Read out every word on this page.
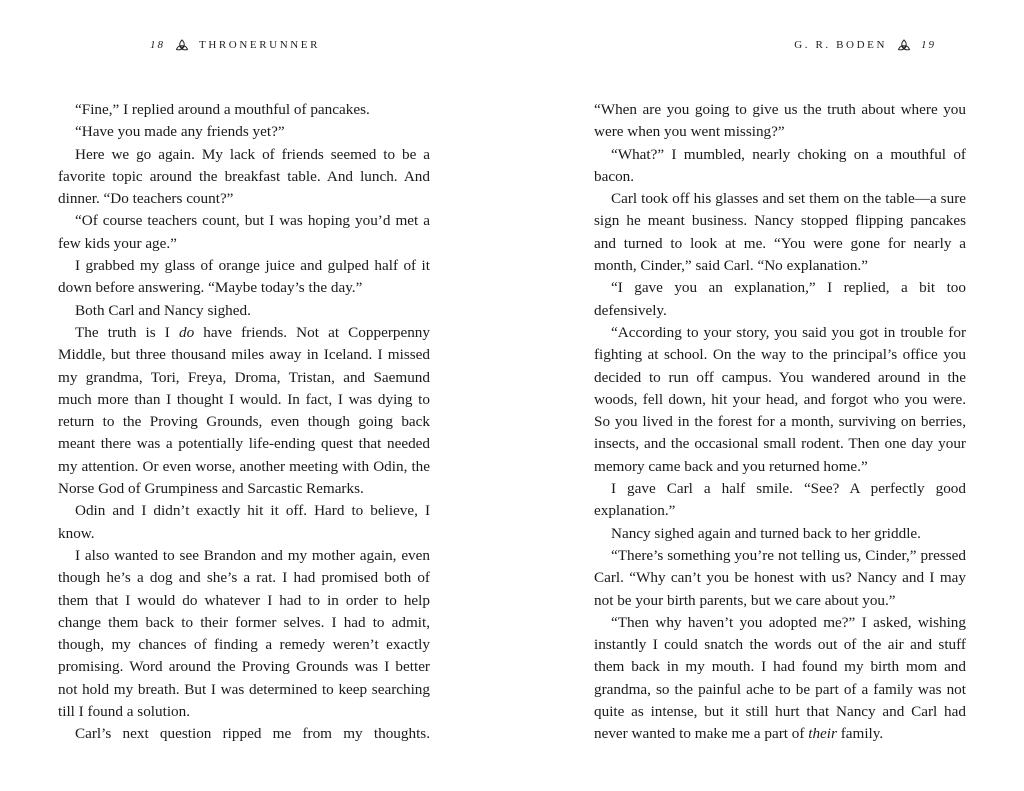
18	THRONERUNNER

“Fine,” I replied around a mouthful of pancakes.

“Have you made any friends yet?”

Here we go again. My lack of friends seemed to be a favorite topic around the breakfast table. And lunch. And dinner. “Do teachers count?”

“Of course teachers count, but I was hoping you’d met a few kids your age.”

I grabbed my glass of orange juice and gulped half of it down before answering. “Maybe today’s the day.”

Both Carl and Nancy sighed.

The truth is I do have friends. Not at Copperpenny Middle, but three thousand miles away in Iceland. I missed my grandma, Tori, Freya, Droma, Tristan, and Saemund much more than I thought I would. In fact, I was dying to return to the Proving Grounds, even though going back meant there was a potentially life-ending quest that needed my attention. Or even worse, another meeting with Odin, the Norse God of Grumpiness and Sarcastic Remarks.

Odin and I didn’t exactly hit it off. Hard to believe, I know.

I also wanted to see Brandon and my mother again, even though he’s a dog and she’s a rat. I had promised both of them that I would do whatever I had to in order to help change them back to their former selves. I had to admit, though, my chances of finding a remedy weren’t exactly promising. Word around the Proving Grounds was I better not hold my breath. But I was determined to keep searching till I found a solution.

Carl’s next question ripped me from my thoughts.

G. R. BODEN	19

“When are you going to give us the truth about where you were when you went missing?”

“What?” I mumbled, nearly choking on a mouthful of bacon.

Carl took off his glasses and set them on the table—a sure sign he meant business. Nancy stopped flipping pancakes and turned to look at me. “You were gone for nearly a month, Cinder,” said Carl. “No explanation.”

“I gave you an explanation,” I replied, a bit too defensively.

“According to your story, you said you got in trouble for fighting at school. On the way to the principal’s office you decided to run off campus. You wandered around in the woods, fell down, hit your head, and forgot who you were. So you lived in the forest for a month, surviving on berries, insects, and the occasional small rodent. Then one day your memory came back and you returned home.”

I gave Carl a half smile. “See? A perfectly good explanation.”

Nancy sighed again and turned back to her griddle.

“There’s something you’re not telling us, Cinder,” pressed Carl. “Why can’t you be honest with us? Nancy and I may not be your birth parents, but we care about you.”

“Then why haven’t you adopted me?” I asked, wishing instantly I could snatch the words out of the air and stuff them back in my mouth. I had found my birth mom and grandma, so the painful ache to be part of a family was not quite as intense, but it still hurt that Nancy and Carl had never wanted to make me a part of their family.
